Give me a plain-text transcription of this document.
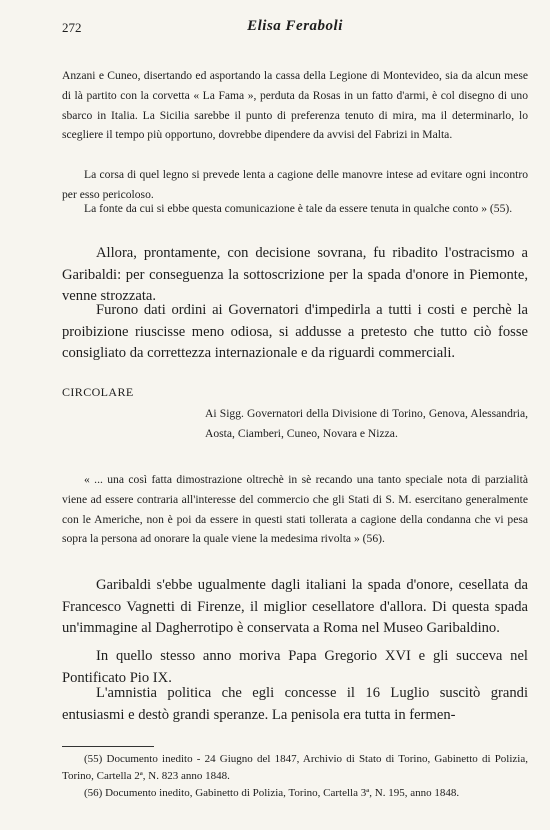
272	Elisa Feraboli

Anzani e Cuneo, disertando ed asportando la cassa della Legione di Montevideo, sia da alcun mese di là partito con la corvetta « La Fama », perduta da Rosas in un fatto d'armi, è col disegno di uno sbarco in Italia. La Sicilia sarebbe il punto di preferenza tenuto di mira, ma il determinarlo, lo scegliere il tempo più opportuno, dovrebbe dipendere da avvisi del Fabrizi in Malta.

La corsa di quel legno si prevede lenta a cagione delle manovre intese ad evitare ogni incontro per esso pericoloso.

La fonte da cui si ebbe questa comunicazione è tale da essere tenuta in qualche conto » (55).

Allora, prontamente, con decisione sovrana, fu ribadito l'ostracismo a Garibaldi: per conseguenza la sottoscrizione per la spada d'onore in Piemonte, venne strozzata.

Furono dati ordini ai Governatori d'impedirla a tutti i costi e perchè la proibizione riuscisse meno odiosa, si addusse a pretesto che tutto ciò fosse consigliato da correttezza internazionale e da riguardi commerciali.

CIRCOLARE

Ai Sigg. Governatori della Divisione di Torino, Genova, Alessandria, Aosta, Ciamberi, Cuneo, Novara e Nizza.

« ... una così fatta dimostrazione oltrechè in sè recando una tanto speciale nota di parzialità viene ad essere contraria all'interesse del commercio che gli Stati di S. M. esercitano generalmente con le Americhe, non è poi da essere in questi stati tollerata a cagione della condanna che vi pesa sopra la persona ad onorare la quale viene la medesima rivolta » (56).

Garibaldi s'ebbe ugualmente dagli italiani la spada d'onore, cesellata da Francesco Vagnetti di Firenze, il miglior cesellatore d'allora. Di questa spada un'immagine al Dagherrotipo è conservata a Roma nel Museo Garibaldino.

In quello stesso anno moriva Papa Gregorio XVI e gli succeva nel Pontificato Pio IX.

L'amnistia politica che egli concesse il 16 Luglio suscitò grandi entusiasmi e destò grandi speranze. La penisola era tutta in fermen-

(55) Documento inedito - 24 Giugno del 1847, Archivio di Stato di Torino, Gabinetto di Polizia, Torino, Cartella 2ª, N. 823 anno 1848.

(56) Documento inedito, Gabinetto di Polizia, Torino, Cartella 3ª, N. 195, anno 1848.
